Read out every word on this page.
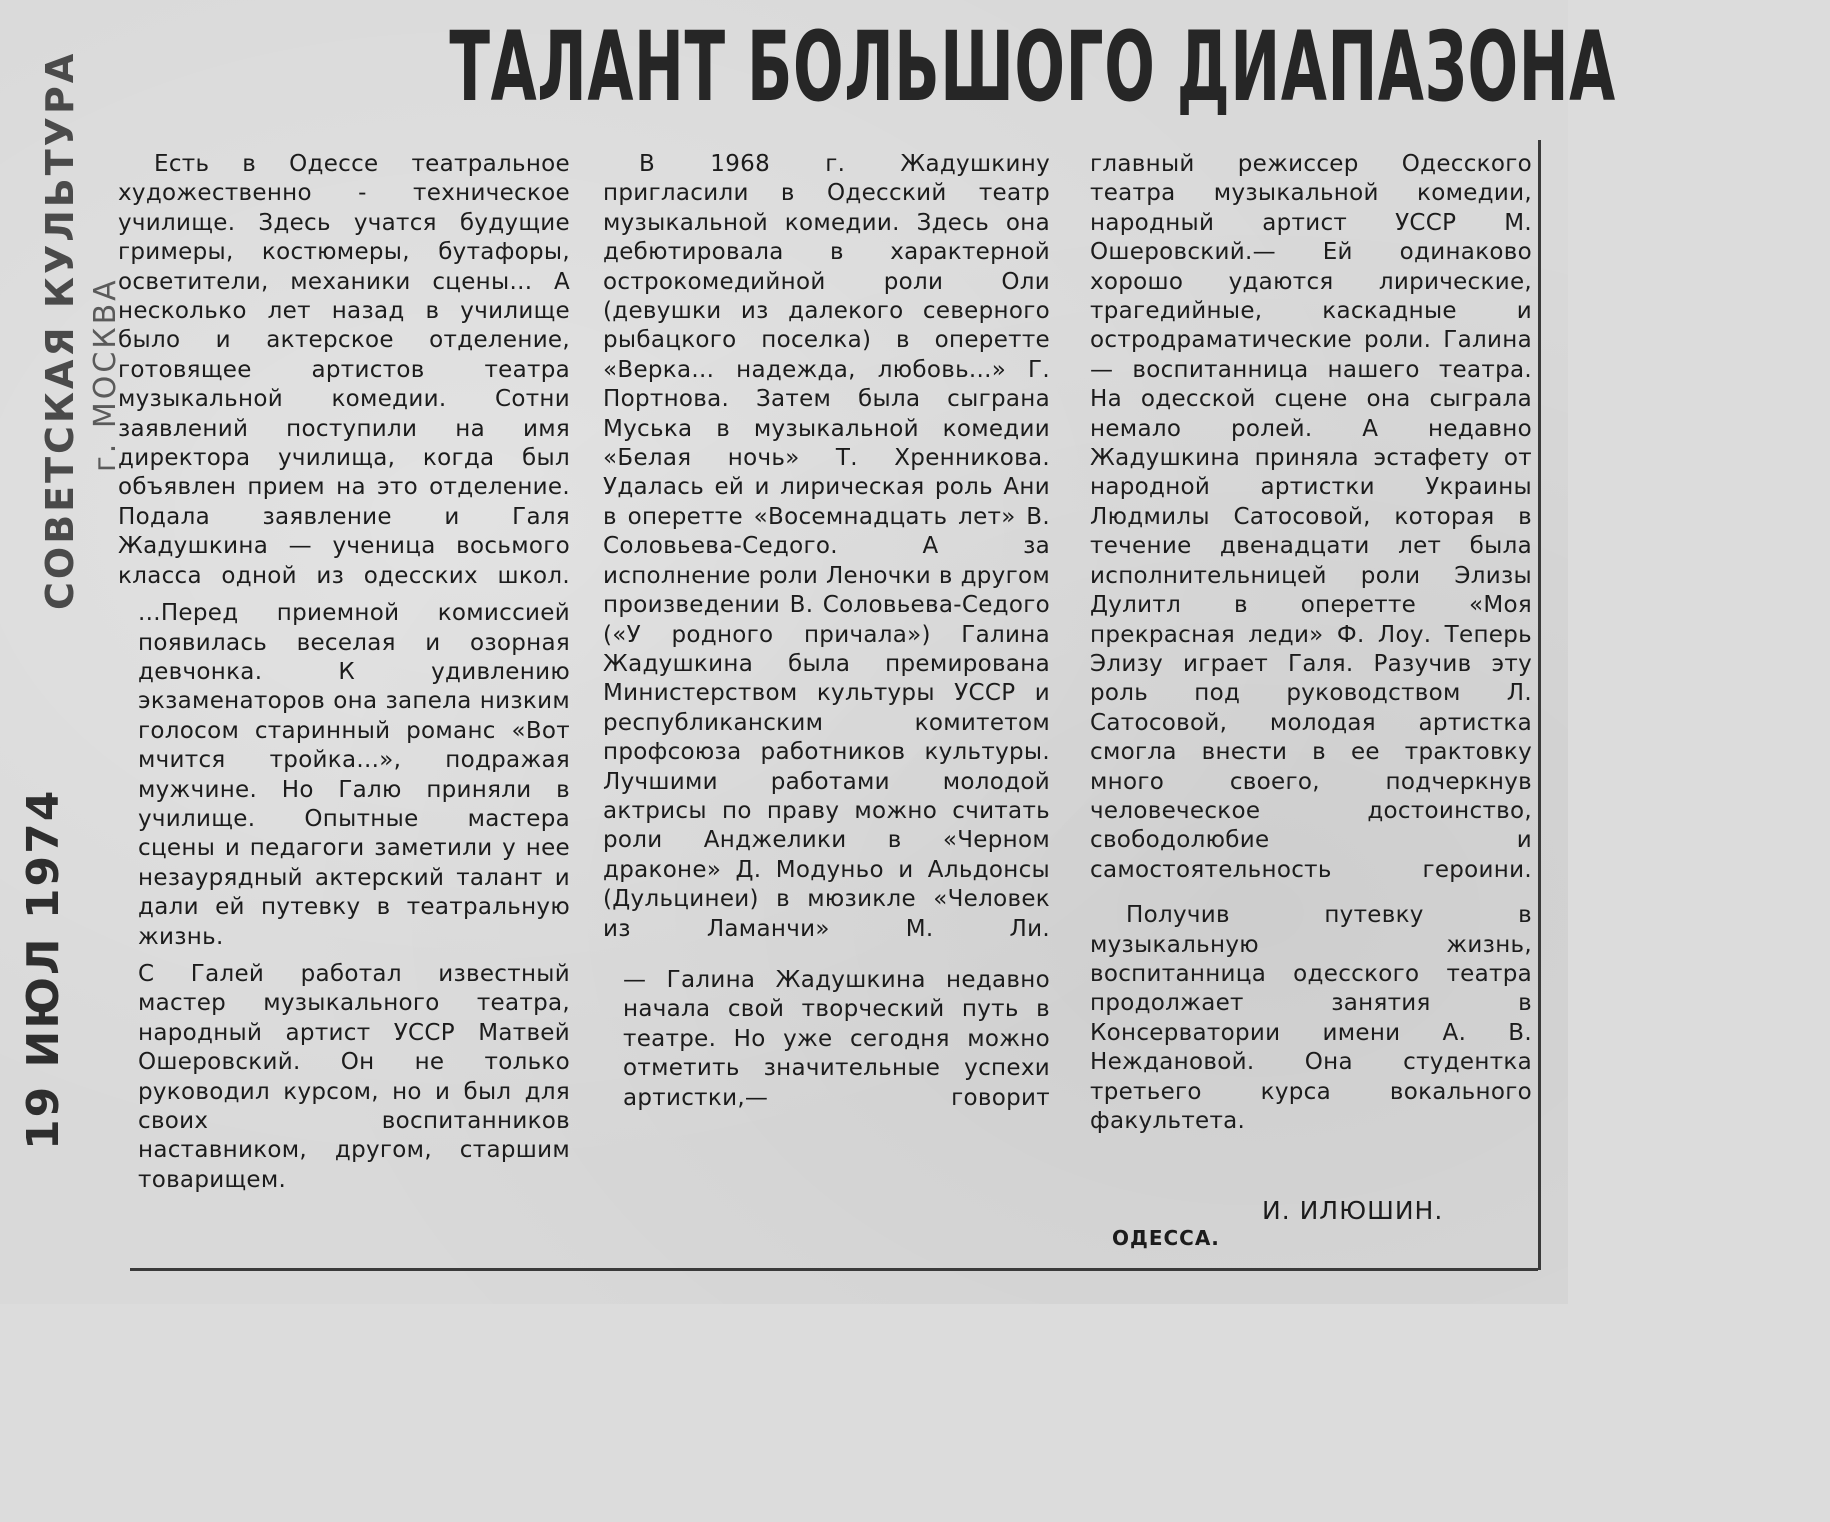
ТАЛАНТ БОЛЬШОГО ДИАПАЗОНА
СОВЕТСКАЯ КУЛЬТУРА г. МОСКВА
19 ИЮЛ 1974

Есть в Одессе театральное художественно - техническое училище. Здесь учатся будущие гримеры, костюмеры, бутафоры, осветители, механики сцены... А несколько лет назад в училище было и актерское отделение, готовящее артистов театра музыкальной комедии. Сотни заявлений поступили на имя директора училища, когда был объявлен прием на это отделение. Подала заявление и Галя Жадушкина — ученица восьмого класса одной из одесских школ.

...Перед приемной комиссией появилась веселая и озорная девчонка. К удивлению экзаменаторов она запела низким голосом старинный романс «Вот мчится тройка...», подражая мужчине. Но Галю приняли в училище. Опытные мастера сцены и педагоги заметили у нее незаурядный актерский талант и дали ей путевку в театральную жизнь.

С Галей работал известный мастер музыкального театра, народный артист УССР Матвей Ошеровский. Он не только руководил курсом, но и был для своих воспитанников наставником, другом, старшим товарищем.

В 1968 г. Жадушкину пригласили в Одесский театр музыкальной комедии. Здесь она дебютировала в характерной острокомедийной роли Оли (девушки из далекого северного рыбацкого поселка) в оперетте «Верка... надежда, любовь...» Г. Портнова. Затем была сыграна Муська в музыкальной комедии «Белая ночь» Т. Хренникова. Удалась ей и лирическая роль Ани в оперетте «Восемнадцать лет» В. Соловьева-Седого. А за исполнение роли Леночки в другом произведении В. Соловьева-Седого («У родного причала») Галина Жадушкина была премирована Министерством культуры УССР и республиканским комитетом профсоюза работников культуры. Лучшими работами молодой актрисы по праву можно считать роли Анджелики в «Черном драконе» Д. Модуньо и Альдонсы (Дульцинеи) в мюзикле «Человек из Ламанчи» М. Ли.

— Галина Жадушкина недавно начала свой творческий путь в театре. Но уже сегодня можно отметить значительные успехи артистки,— говорит

главный режиссер Одесского театра музыкальной комедии, народный артист УССР М. Ошеровский.— Ей одинаково хорошо удаются лирические, трагедийные, каскадные и остродраматические роли. Галина — воспитанница нашего театра. На одесской сцене она сыграла немало ролей. А недавно Жадушкина приняла эстафету от народной артистки Украины Людмилы Сатосовой, которая в течение двенадцати лет была исполнительницей роли Элизы Дулитл в оперетте «Моя прекрасная леди» Ф. Лоу. Теперь Элизу играет Галя. Разучив эту роль под руководством Л. Сатосовой, молодая артистка смогла внести в ее трактовку много своего, подчеркнув человеческое достоинство, свободолюбие и самостоятельность героини.

Получив путевку в музыкальную жизнь, воспитанница одесского театра продолжает занятия в Консерватории имени А. В. Неждановой. Она студентка третьего курса вокального факультета.

И. ИЛЮШИН.
ОДЕССА.
